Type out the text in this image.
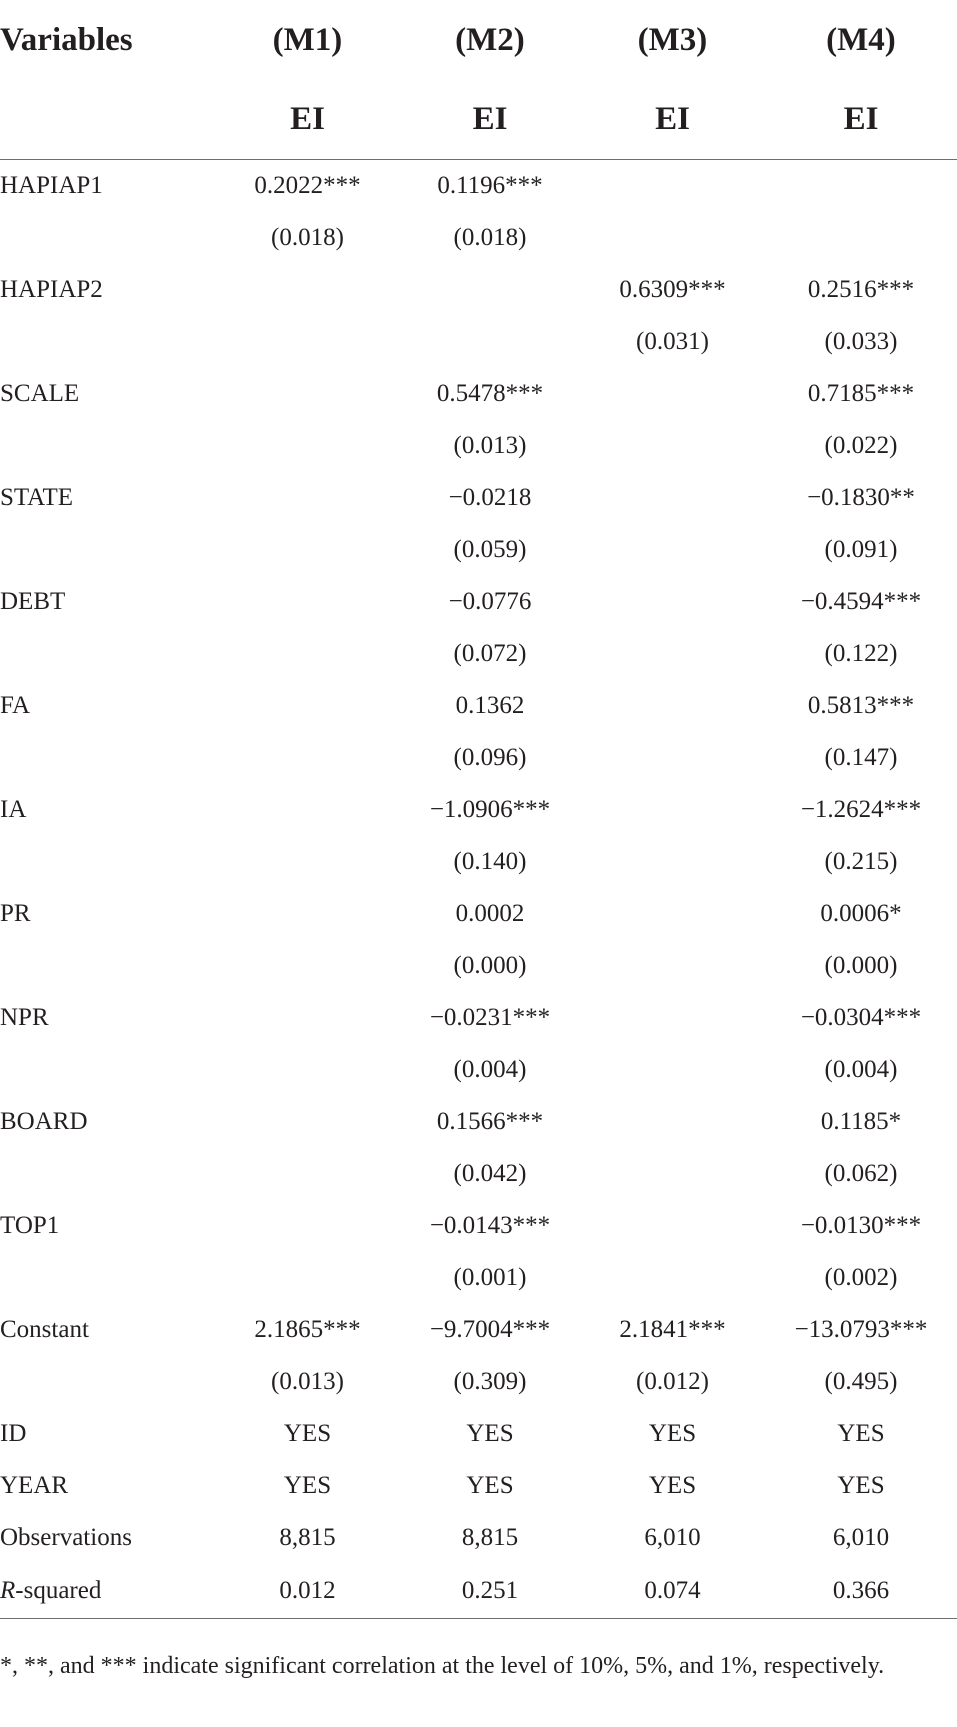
Variables	(M1)	(M2)	(M3)	(M4)
	EI	EI	EI	EI
HAPIAP1	0.2022***	0.1196***		
	(0.018)	(0.018)		
HAPIAP2			0.6309***	0.2516***
			(0.031)	(0.033)
SCALE		0.5478***		0.7185***
		(0.013)		(0.022)
STATE		−0.0218		−0.1830**
		(0.059)		(0.091)
DEBT		−0.0776		−0.4594***
		(0.072)		(0.122)
FA		0.1362		0.5813***
		(0.096)		(0.147)
IA		−1.0906***		−1.2624***
		(0.140)		(0.215)
PR		0.0002		0.0006*
		(0.000)		(0.000)
NPR		−0.0231***		−0.0304***
		(0.004)		(0.004)
BOARD		0.1566***		0.1185*
		(0.042)		(0.062)
TOP1		−0.0143***		−0.0130***
		(0.001)		(0.002)
Constant	2.1865***	−9.7004***	2.1841***	−13.0793***
	(0.013)	(0.309)	(0.012)	(0.495)
ID	YES	YES	YES	YES
YEAR	YES	YES	YES	YES
Observations	8,815	8,815	6,010	6,010
R-squared	0.012	0.251	0.074	0.366
*, **, and *** indicate significant correlation at the level of 10%, 5%, and 1%, respectively.
